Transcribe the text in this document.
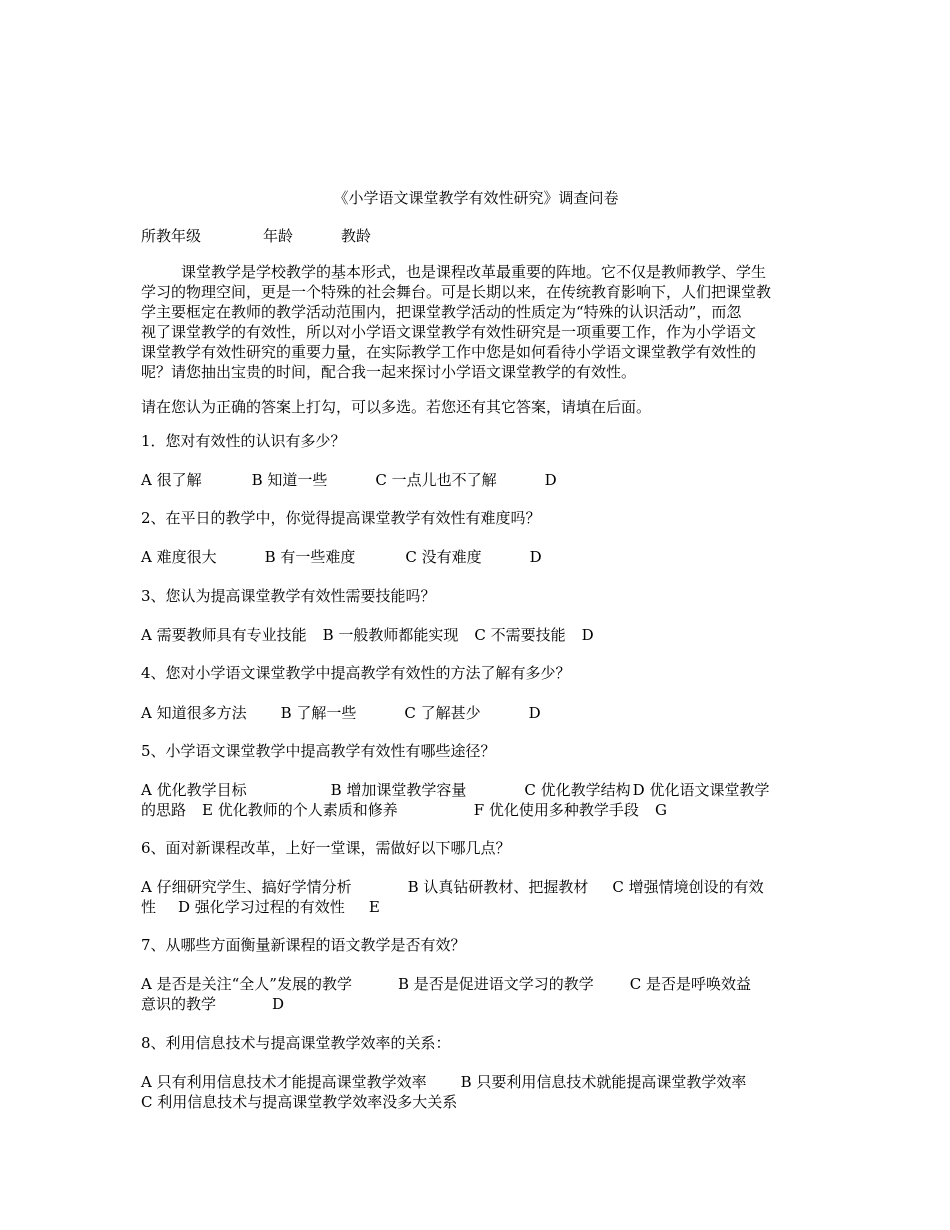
《小学语文课堂教学有效性研究》调查问卷
所教年级	年龄	教龄
课堂教学是学校教学的基本形式，也是课程改革最重要的阵地。它不仅是教师教学、学生
学习的物理空间，更是一个特殊的社会舞台。可是长期以来，在传统教育影响下，人们把课堂教
学主要框定在教师的教学活动范围内，把课堂教学活动的性质定为“特殊的认识活动”，而忽
视了课堂教学的有效性，所以对小学语文课堂教学有效性研究是一项重要工作，作为小学语文
课堂教学有效性研究的重要力量，在实际教学工作中您是如何看待小学语文课堂教学有效性的
呢？请您抽出宝贵的时间，配合我一起来探讨小学语文课堂教学的有效性。
请在您认为正确的答案上打勾，可以多选。若您还有其它答案，请填在后面。
1．您对有效性的认识有多少？
A 很了解	B 知道一些	C 一点儿也不了解	D
2、在平日的教学中，你觉得提高课堂教学有效性有难度吗？
A 难度很大	B 有一些难度	C 没有难度	D
3、您认为提高课堂教学有效性需要技能吗？
A 需要教师具有专业技能 B 一般教师都能实现 C 不需要技能 D
4、您对小学语文课堂教学中提高教学有效性的方法了解有多少？
A 知道很多方法 B 了解一些	C 了解甚少	D
5、小学语文课堂教学中提高教学有效性有哪些途径？
A 优化教学目标	B 增加课堂教学容量	C 优化教学结构 D 优化语文课堂教学
的思路 E 优化教师的个人素质和修养	F 优化使用多种教学手段 G
6、面对新课程改革，上好一堂课，需做好以下哪几点？
A 仔细研究学生、搞好学情分析	B 认真钻研教材、把握教材 C 增强情境创设的有效
性 D 强化学习过程的有效性 E
7、从哪些方面衡量新课程的语文教学是否有效？
A 是否是关注“全人”发展的教学	B 是否是促进语文学习的教学 C 是否是呼唤效益
意识的教学	D
8、利用信息技术与提高课堂教学效率的关系：
A 只有利用信息技术才能提高课堂教学效率 B 只要利用信息技术就能提高课堂教学效率
C 利用信息技术与提高课堂教学效率没多大关系
